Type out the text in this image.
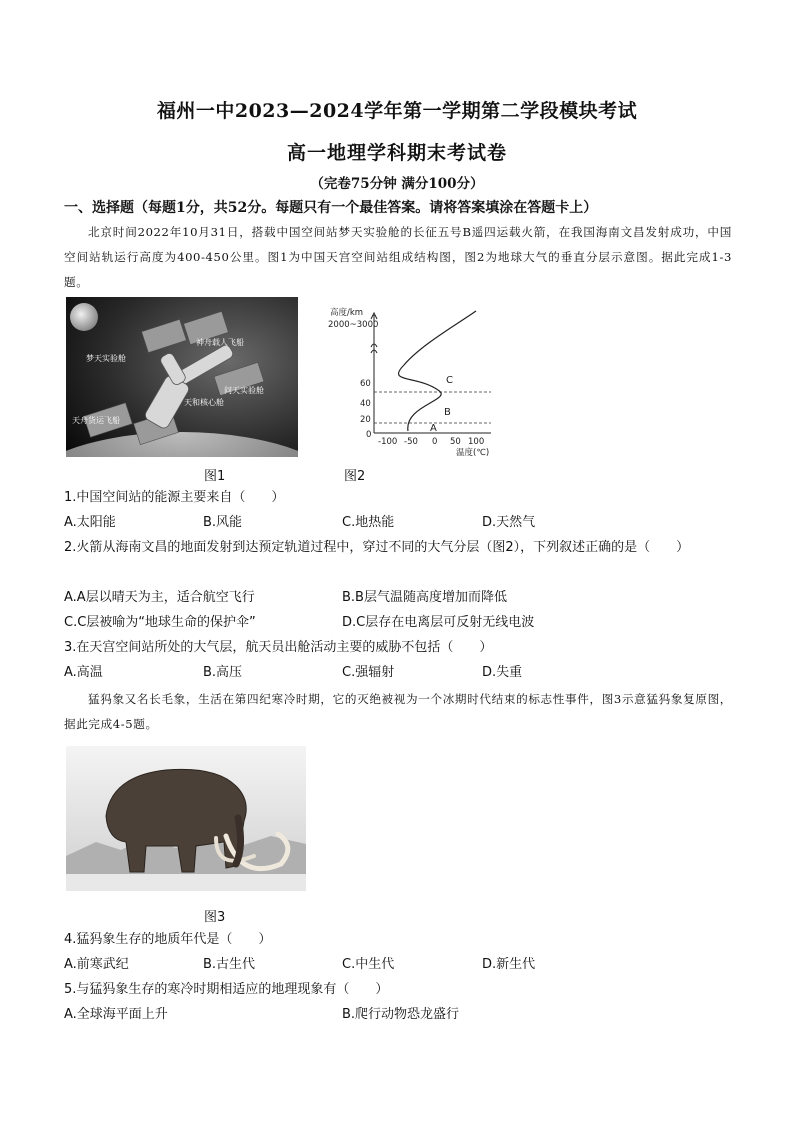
福州一中2023—2024学年第一学期第二学段模块考试
高一地理学科期末考试卷
（完卷75分钟 满分100分）
一、选择题（每题1分，共52分。每题只有一个最佳答案。请将答案填涂在答题卡上）
北京时间2022年10月31日，搭载中国空间站梦天实验舱的长征五号B遥四运载火箭，在我国海南文昌发射成功，中国空间站轨运行高度为400-450公里。图1为中国天宫空间站组成结构图，图2为地球大气的垂直分层示意图。据此完成1-3题。
神舟载人飞船
梦天实验舱
问天实验舱
天和核心舱
天舟货运飞船
图1
高度/km
2000~3000
60
40
20
0
-100 -50 0 50 100
温度(℃)
C
B
A
图2
1.中国空间站的能源主要来自（　　）
A.太阳能	B.风能	C.地热能	D.天然气
2.火箭从海南文昌的地面发射到达预定轨道过程中，穿过不同的大气分层（图2），下列叙述正确的是（　　）
A.A层以晴天为主，适合航空飞行	B.B层气温随高度增加而降低
C.C层被喻为“地球生命的保护伞”	D.C层存在电离层可反射无线电波
3.在天宫空间站所处的大气层，航天员出舱活动主要的威胁不包括（　　）
A.高温	B.高压	C.强辐射	D.失重
猛犸象又名长毛象，生活在第四纪寒冷时期，它的灭绝被视为一个冰期时代结束的标志性事件，图3示意猛犸象复原图，据此完成4-5题。
图3
4.猛犸象生存的地质年代是（　　）
A.前寒武纪	B.古生代	C.中生代	D.新生代
5.与猛犸象生存的寒冷时期相适应的地理现象有（　　）
A.全球海平面上升	B.爬行动物恐龙盛行
